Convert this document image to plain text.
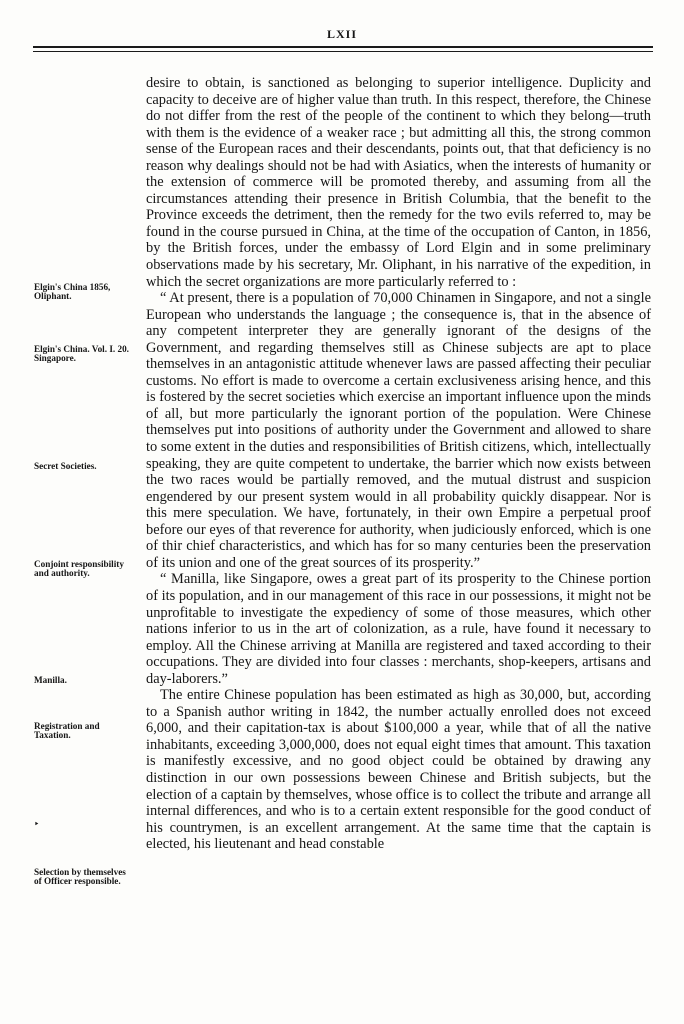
LXII
Elgin's China 1856, Oliphant.
Elgin's China. Vol. I. 20. Singapore.
Secret Societies.
Conjoint responsibility and authority.
Manilla.
Registration and Taxation.
‣
Selection by themselves of Officer responsible.

desire to obtain, is sanctioned as belonging to superior intelligence. Duplicity and capacity to deceive are of higher value than truth. In this respect, therefore, the Chinese do not differ from the rest of the people of the continent to which they belong—truth with them is the evidence of a weaker race ; but admitting all this, the strong common sense of the European races and their descendants, points out, that that deficiency is no reason why dealings should not be had with Asiatics, when the interests of humanity or the extension of commerce will be promoted thereby, and assuming from all the circumstances attending their presence in British Columbia, that the benefit to the Province exceeds the detriment, then the remedy for the two evils referred to, may be found in the course pursued in China, at the time of the occupation of Canton, in 1856, by the British forces, under the embassy of Lord Elgin and in some preliminary observations made by his secretary, Mr. Oliphant, in his narrative of the expedition, in which the secret organizations are more particularly referred to :

“ At present, there is a population of 70,000 Chinamen in Singapore, and not a single European who understands the language ; the consequence is, that in the absence of any competent interpreter they are generally ignorant of the designs of the Government, and regarding themselves still as Chinese subjects are apt to place themselves in an antagonistic attitude whenever laws are passed affecting their peculiar customs. No effort is made to overcome a certain exclusiveness arising hence, and this is fostered by the secret societies which exercise an important influence upon the minds of all, but more particularly the ignorant portion of the population. Were Chinese themselves put into positions of authority under the Government and allowed to share to some extent in the duties and responsibilities of British citizens, which, intellectually speaking, they are quite competent to undertake, the barrier which now exists between the two races would be partially removed, and the mutual distrust and suspicion engendered by our present system would in all probability quickly disappear. Nor is this mere speculation. We have, fortunately, in their own Empire a perpetual proof before our eyes of that reverence for authority, when judiciously enforced, which is one of thir chief characteristics, and which has for so many centuries been the preservation of its union and one of the great sources of its prosperity.”

“ Manilla, like Singapore, owes a great part of its prosperity to the Chinese portion of its population, and in our management of this race in our possessions, it might not be unprofitable to investigate the expediency of some of those measures, which other nations inferior to us in the art of colonization, as a rule, have found it necessary to employ. All the Chinese arriving at Manilla are registered and taxed according to their occupations. They are divided into four classes : merchants, shop-keepers, artisans and day-laborers.”

The entire Chinese population has been estimated as high as 30,000, but, according to a Spanish author writing in 1842, the number actually enrolled does not exceed 6,000, and their capitation-tax is about $100,000 a year, while that of all the native inhabitants, exceeding 3,000,000, does not equal eight times that amount. This taxation is manifestly excessive, and no good object could be obtained by drawing any distinction in our own possessions beween Chinese and British subjects, but the election of a captain by themselves, whose office is to collect the tribute and arrange all internal differences, and who is to a certain extent responsible for the good conduct of his countrymen, is an excellent arrangement. At the same time that the captain is elected, his lieutenant and head constable
